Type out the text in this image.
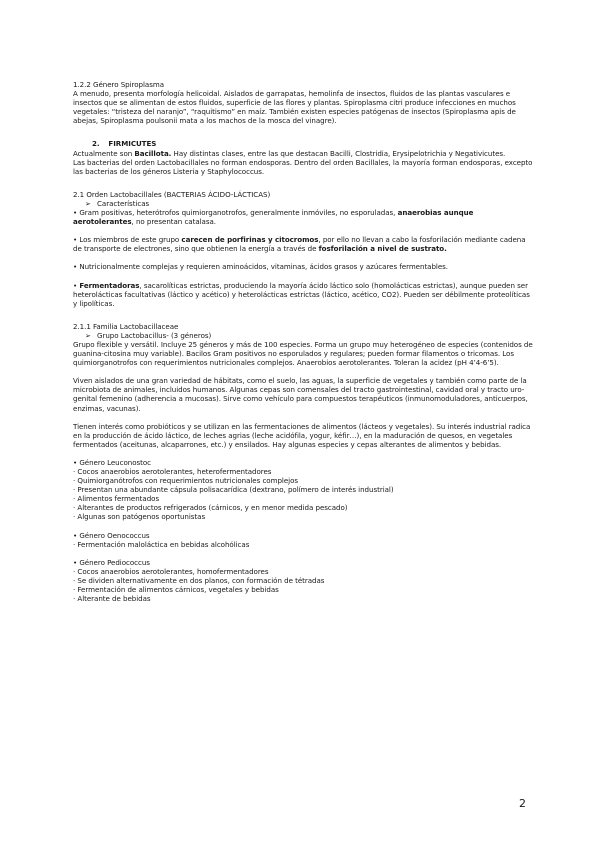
1.2.2 Género Spiroplasma

A menudo, presenta morfología helicoidal. Aislados de garrapatas, hemolinfa de insectos, fluidos de las plantas vasculares e insectos que se alimentan de estos fluidos, superficie de las flores y plantas. Spiroplasma citri produce infecciones en muchos vegetales: “tristeza del naranjo”, “raquitismo” en maíz. También existen especies patógenas de insectos (Spiroplasma apis de abejas, Spiroplasma poulsonii mata a los machos de la mosca del vinagre).

2. FIRMICUTES

Actualmente son Bacillota. Hay distintas clases, entre las que destacan Bacilli, Clostridia, Erysipelotrichia y Negativicutes.

Las bacterias del orden Lactobacillales no forman endosporas. Dentro del orden Bacillales, la mayoría forman endosporas, excepto las bacterias de los géneros Listeria y Staphylococcus.

2.1 Orden Lactobacillales (BACTERIAS ÁCIDO-LÁCTICAS)

➢ Características

• Gram positivas, heterótrofos quimiorganotrofos, generalmente inmóviles, no esporuladas, anaerobias aunque aerotolerantes, no presentan catalasa.

• Los miembros de este grupo carecen de porfirinas y citocromos, por ello no llevan a cabo la fosforilación mediante cadena de transporte de electrones, sino que obtienen la energía a través de fosforilación a nivel de sustrato.

• Nutricionalmente complejas y requieren aminoácidos, vitaminas, ácidos grasos y azúcares fermentables.

• Fermentadoras, sacarolíticas estrictas, produciendo la mayoría ácido láctico solo (homolácticas estrictas), aunque pueden ser heterolácticas facultativas (láctico y acético) y heterolácticas estrictas (láctico, acético, CO2). Pueden ser débilmente proteolíticas y lipolíticas.

2.1.1 Familia Lactobacillaceae

➢ Grupo Lactobacillus- (3 géneros)

Grupo flexible y versátil. Incluye 25 géneros y más de 100 especies. Forma un grupo muy heterogéneo de especies (contenidos de guanina-citosina muy variable). Bacilos Gram positivos no esporulados y regulares; pueden formar filamentos o tricomas. Los quimiorganotrofos con requerimientos nutricionales complejos. Anaerobios aerotolerantes. Toleran la acidez (pH 4’4-6’5).

Viven aislados de una gran variedad de hábitats, como el suelo, las aguas, la superficie de vegetales y también como parte de la microbiota de animales, incluidos humanos. Algunas cepas son comensales del tracto gastrointestinal, cavidad oral y tracto uro-genital femenino (adherencia a mucosas). Sirve como vehículo para compuestos terapéuticos (inmunomoduladores, anticuerpos, enzimas, vacunas).

Tienen interés como probióticos y se utilizan en las fermentaciones de alimentos (lácteos y vegetales). Su interés industrial radica en la producción de ácido láctico, de leches agrias (leche acidófila, yogur, kéfir…), en la maduración de quesos, en vegetales fermentados (aceitunas, alcaparrones, etc.) y ensilados. Hay algunas especies y cepas alterantes de alimentos y bebidas.

• Género Leuconostoc

· Cocos anaerobios aerotolerantes, heterofermentadores

· Quimiorganótrofos con requerimientos nutricionales complejos

· Presentan una abundante cápsula polisacarídica (dextrano, polímero de interés industrial)

· Alimentos fermentados

· Alterantes de productos refrigerados (cárnicos, y en menor medida pescado)

· Algunas son patógenos oportunistas

• Género Oenococcus

· Fermentación maloláctica en bebidas alcohólicas

• Género Pediococcus

· Cocos anaerobios aerotolerantes, homofermentadores

· Se dividen alternativamente en dos planos, con formación de tétradas

· Fermentación de alimentos cárnicos, vegetales y bebidas

· Alterante de bebidas

2
